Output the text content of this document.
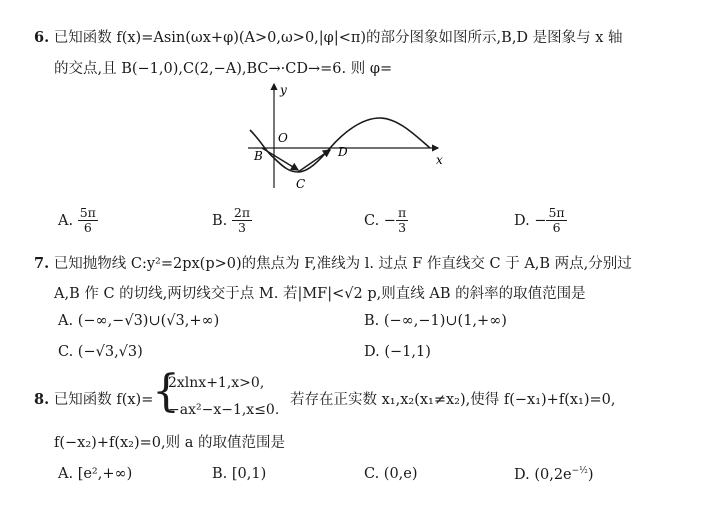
6. 已知函数 f(x)=Asin(ωx+φ)(A>0,ω>0,|φ|<π)的部分图象如图所示,B,D 是图象与 x 轴
的交点,且 B(−1,0),C(2,−A),BC→·CD→=6. 则 φ=
y
x
O
B
C
D
A. $\frac{5\pi}{6}$	B. $\frac{2\pi}{3}$	C. − $\frac{\pi}{3}$	D. − $\frac{5\pi}{6}$
7. 已知抛物线 C:y²=2px(p>0)的焦点为 F,准线为 l. 过点 F 作直线交 C 于 A,B 两点,分别过
A,B 作 C 的切线,两切线交于点 M. 若|MF|<√2 p,则直线 AB 的斜率的取值范围是
A. (−∞,−√3)∪(√3,+∞)	B. (−∞,−1)∪(1,+∞)
C. (−√3,√3)	D. (−1,1)
8. 已知函数 f(x)=
{
2xlnx+1,x>0,
−ax²−x−1,x≤0.
若存在正实数 x₁,x₂(x₁≠x₂),使得 f(−x₁)+f(x₁)=0,
f(−x₂)+f(x₂)=0,则 a 的取值范围是
A. [e²,+∞)	B. [0,1)	C. (0,e)	D. $(0,2e^{-\frac{1}{2}})$
